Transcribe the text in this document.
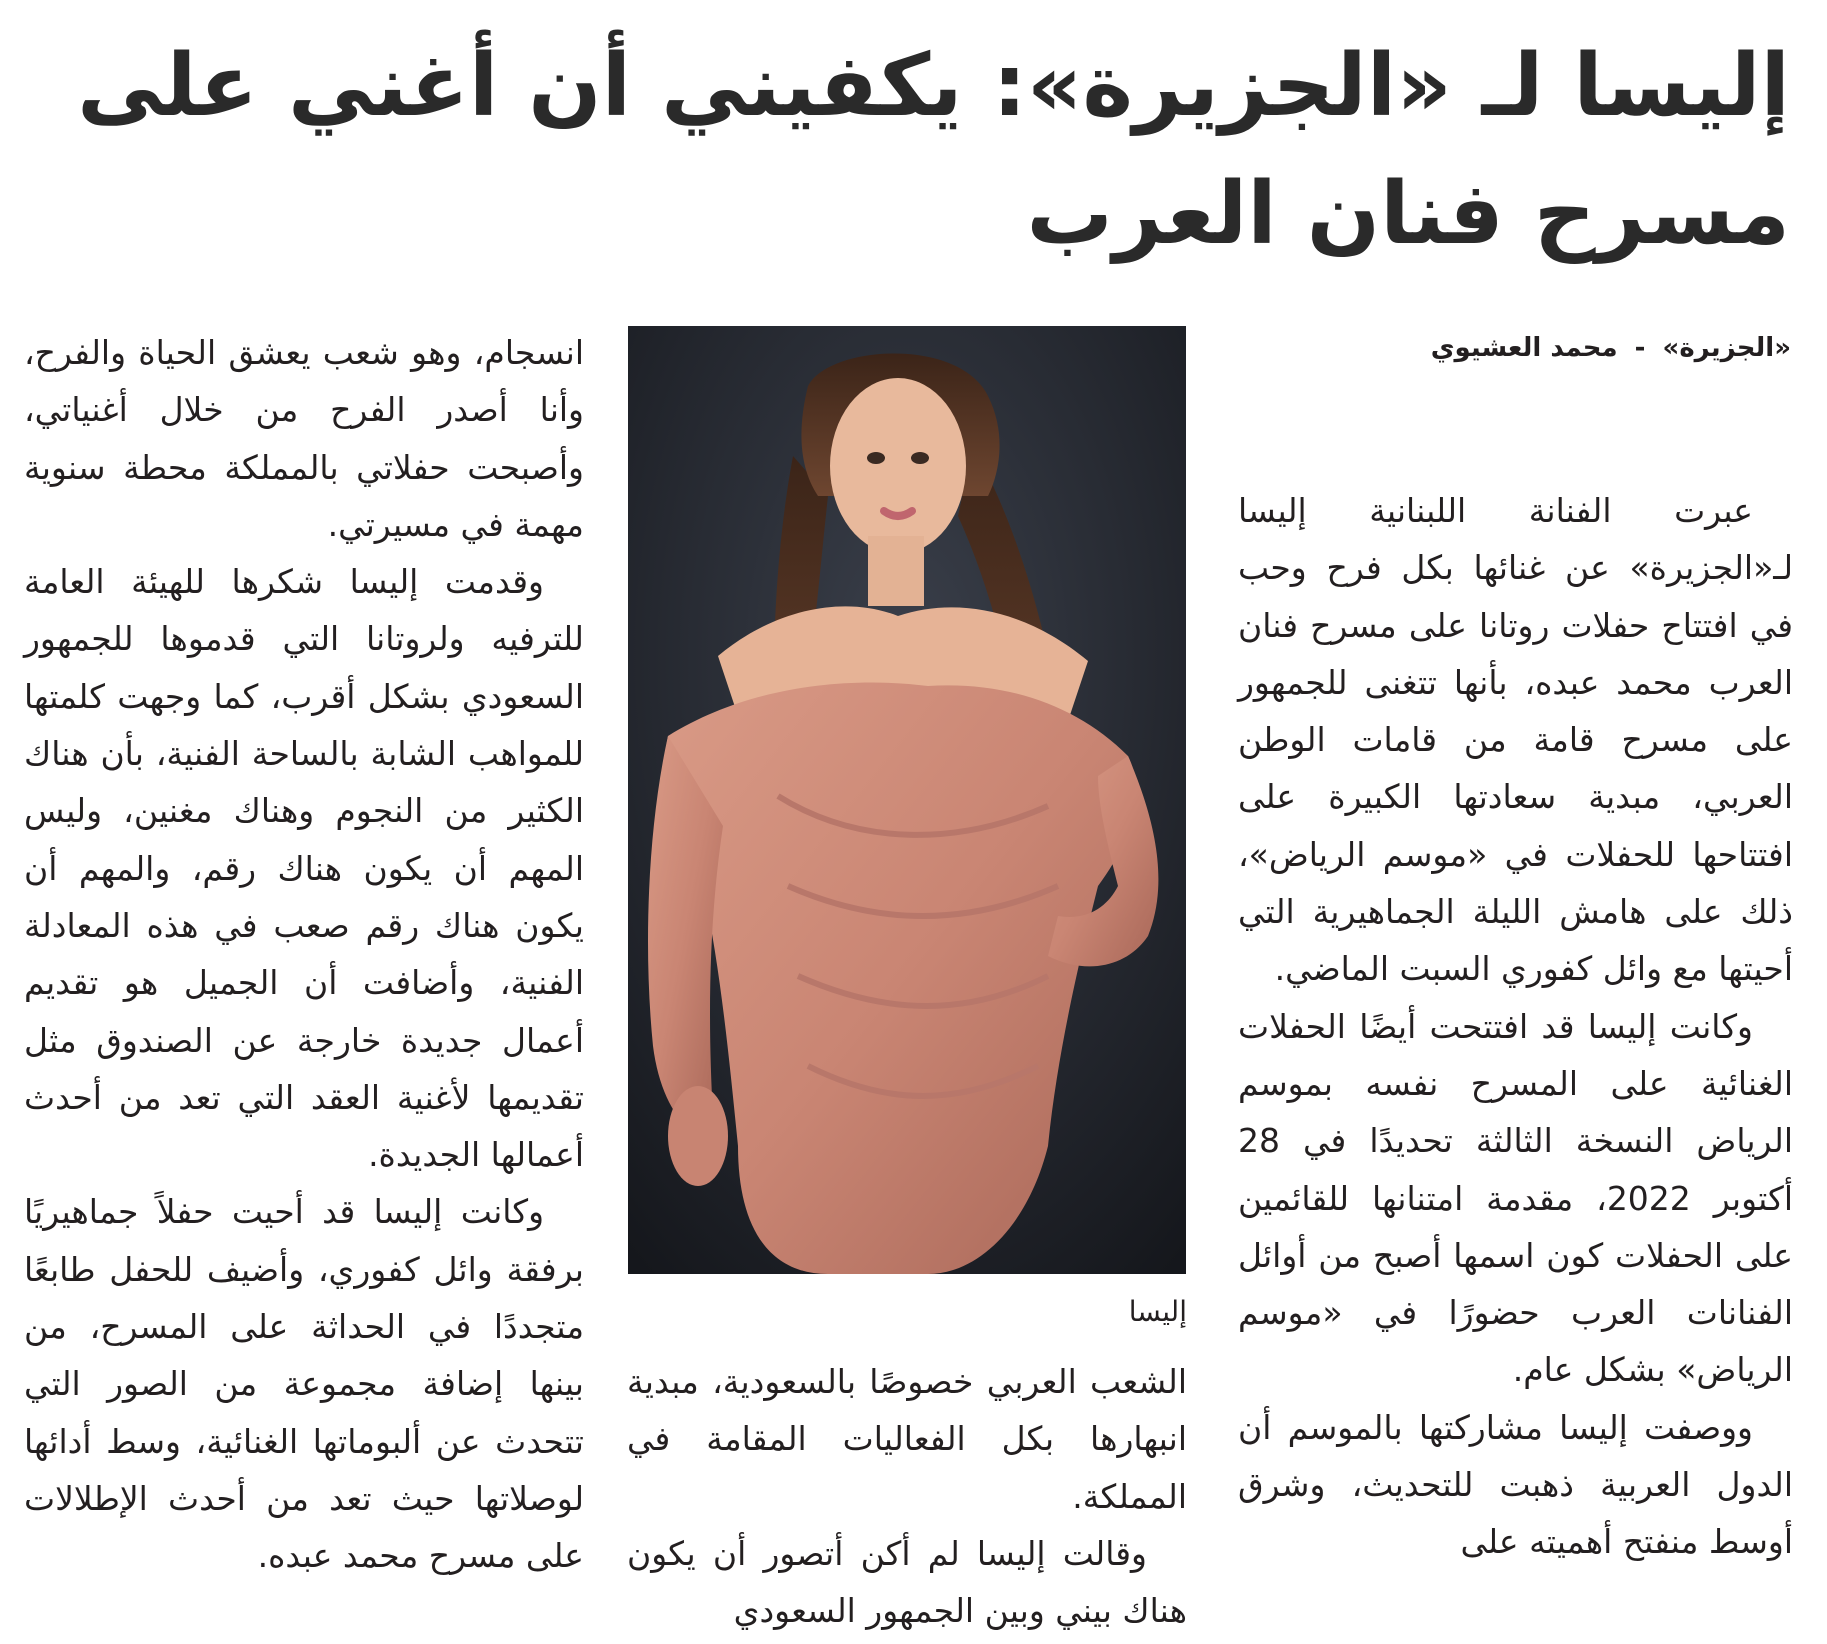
إليسا لـ «الجزيرة»: يكفيني أن أغني على مسرح فنان العرب
«الجزيرة» - محمد العشيوي

عبرت الفنانة اللبنانية إليسا لـ«الجزيرة» عن غنائها بكل فرح وحب في افتتاح حفلات روتانا على مسرح فنان العرب محمد عبده، بأنها تتغنى للجمهور على مسرح قامة من قامات الوطن العربي، مبدية سعادتها الكبيرة على افتتاحها للحفلات في «موسم الرياض»، ذلك على هامش الليلة الجماهيرية التي أحيتها مع وائل كفوري السبت الماضي.

وكانت إليسا قد افتتحت أيضًا الحفلات الغنائية على المسرح نفسه بموسم الرياض النسخة الثالثة تحديدًا في 28 أكتوبر 2022، مقدمة امتنانها للقائمين على الحفلات كون اسمها أصبح من أوائل الفنانات العرب حضورًا في «موسم الرياض» بشكل عام.

ووصفت إليسا مشاركتها بالموسم أن الدول العربية ذهبت للتحديث، وشرق أوسط منفتح أهميته على

إليسا

الشعب العربي خصوصًا بالسعودية، مبدية انبهارها بكل الفعاليات المقامة في المملكة.

وقالت إليسا لم أكن أتصور أن يكون هناك بيني وبين الجمهور السعودي

انسجام، وهو شعب يعشق الحياة والفرح، وأنا أصدر الفرح من خلال أغنياتي، وأصبحت حفلاتي بالمملكة محطة سنوية مهمة في مسيرتي.

وقدمت إليسا شكرها للهيئة العامة للترفيه ولروتانا التي قدموها للجمهور السعودي بشكل أقرب، كما وجهت كلمتها للمواهب الشابة بالساحة الفنية، بأن هناك الكثير من النجوم وهناك مغنين، وليس المهم أن يكون هناك رقم، والمهم أن يكون هناك رقم صعب في هذه المعادلة الفنية، وأضافت أن الجميل هو تقديم أعمال جديدة خارجة عن الصندوق مثل تقديمها لأغنية العقد التي تعد من أحدث أعمالها الجديدة.

وكانت إليسا قد أحيت حفلاً جماهيريًا برفقة وائل كفوري، وأضيف للحفل طابعًا متجددًا في الحداثة على المسرح، من بينها إضافة مجموعة من الصور التي تتحدث عن ألبوماتها الغنائية، وسط أدائها لوصلاتها حيث تعد من أحدث الإطلالات على مسرح محمد عبده.
